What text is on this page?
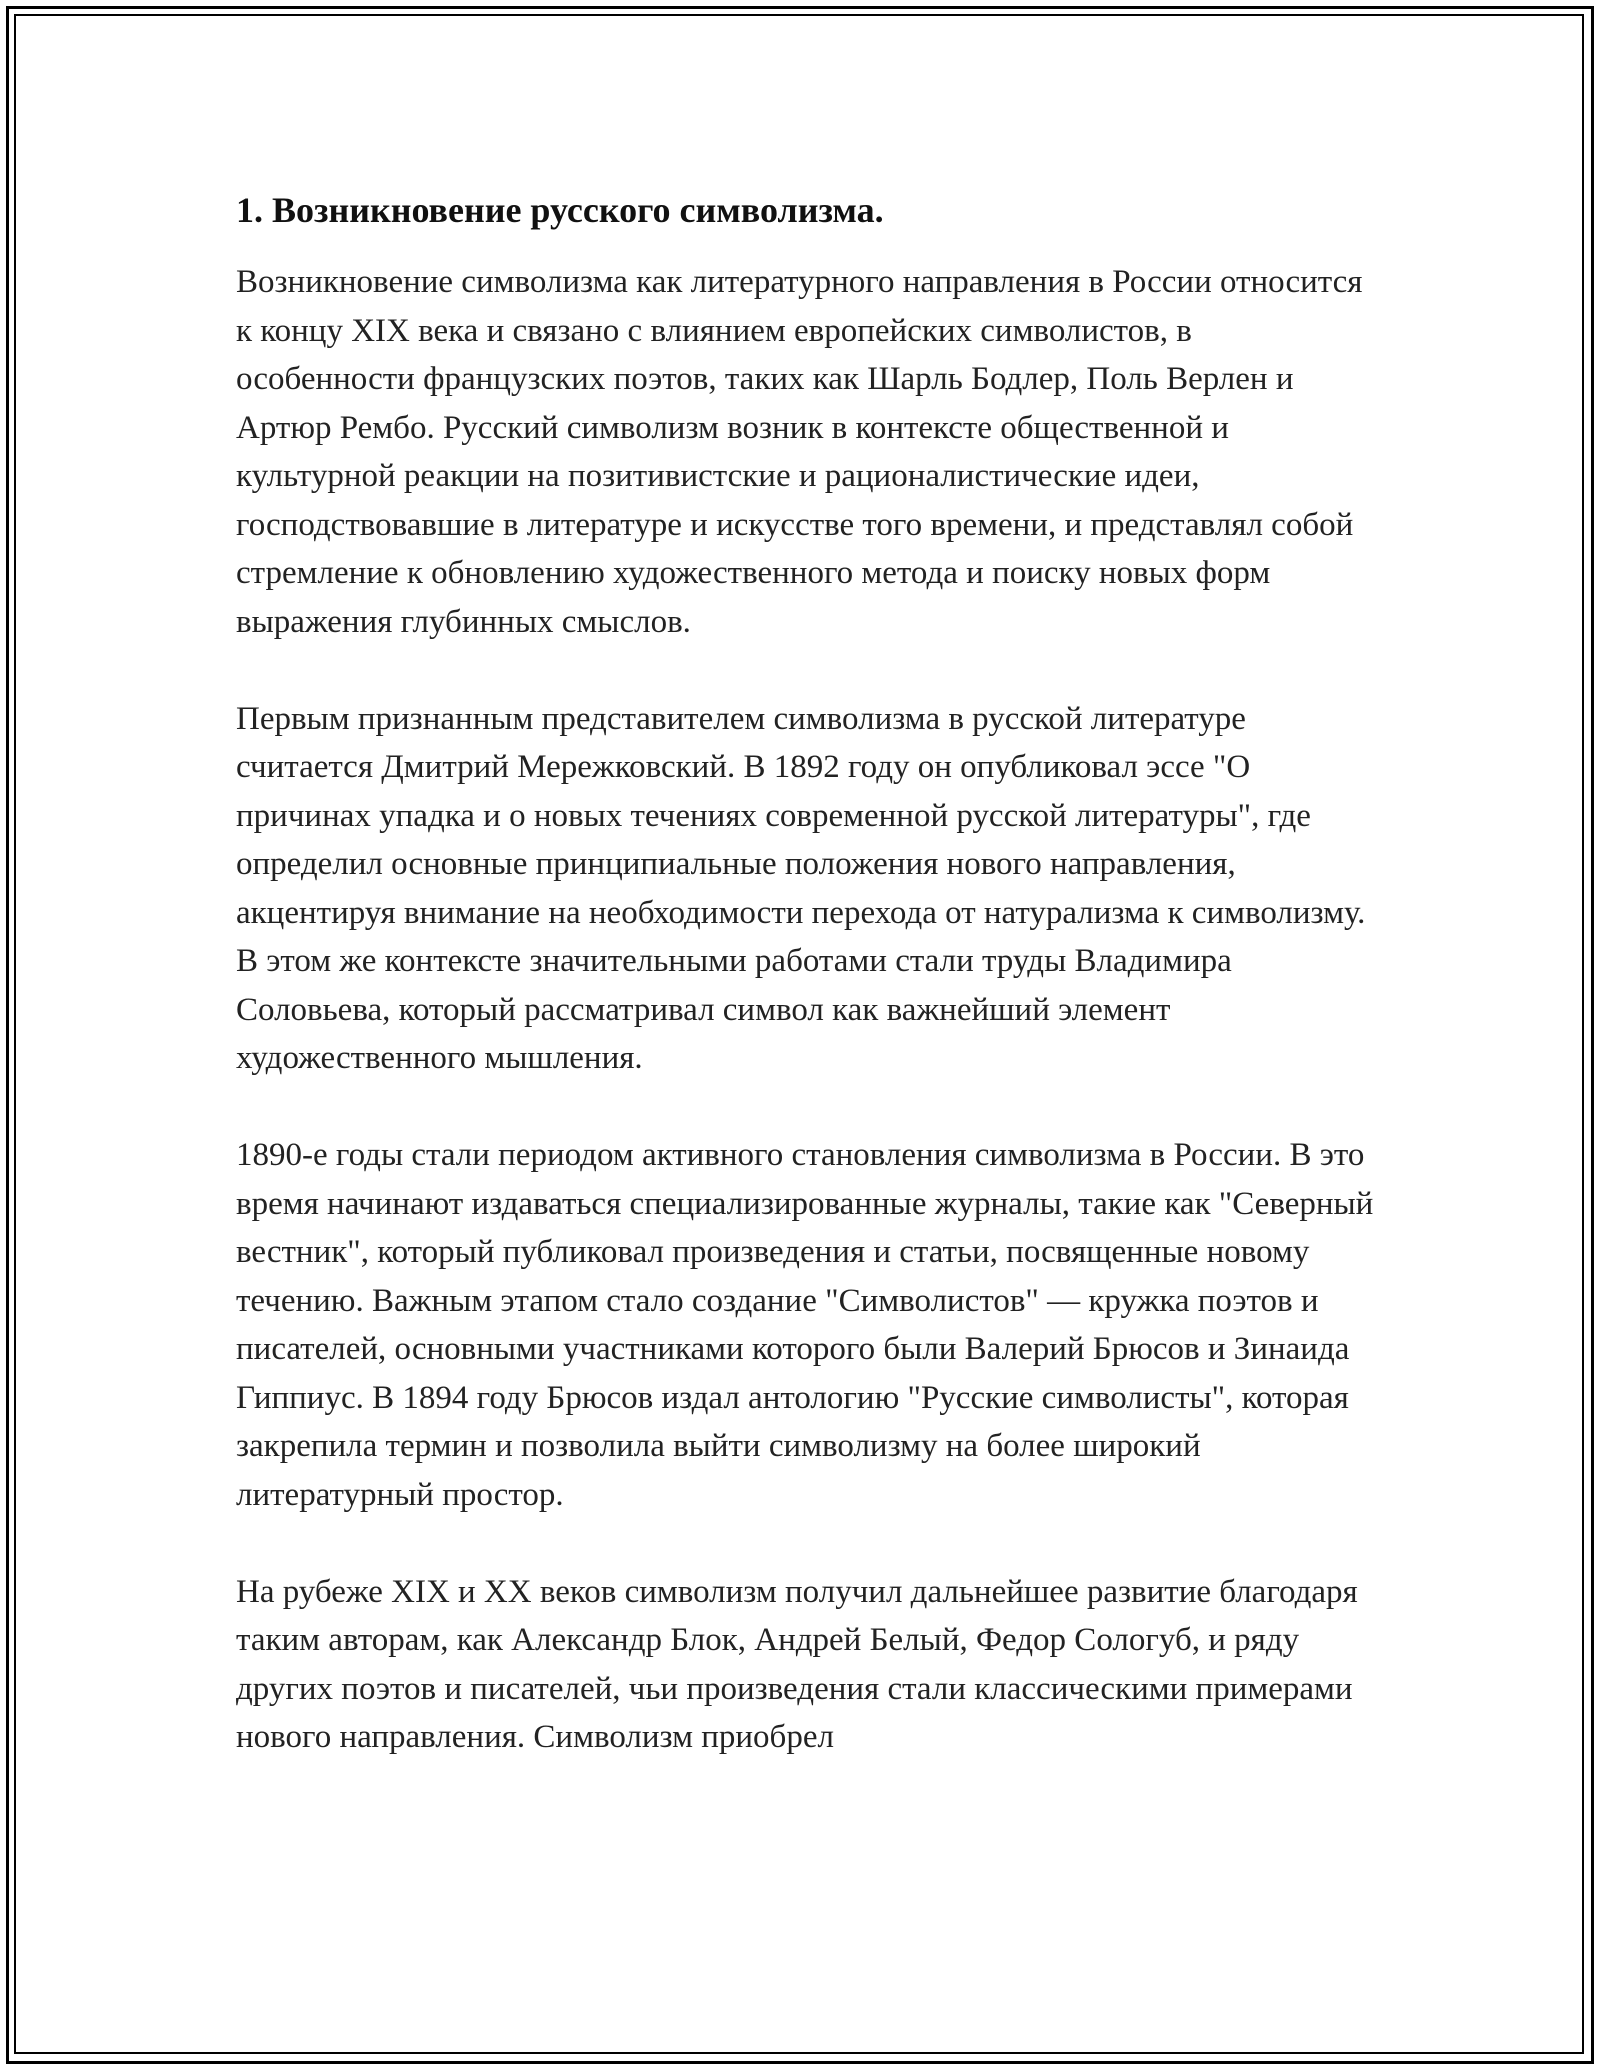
1. Возникновение русского символизма.

Возникновение символизма как литературного направления в России относится к концу XIX века и связано с влиянием европейских символистов, в особенности французских поэтов, таких как Шарль Бодлер, Поль Верлен и Артюр Рембо. Русский символизм возник в контексте общественной и культурной реакции на позитивистские и рационалистические идеи, господствовавшие в литературе и искусстве того времени, и представлял собой стремление к обновлению художественного метода и поиску новых форм выражения глубинных смыслов.

Первым признанным представителем символизма в русской литературе считается Дмитрий Мережковский. В 1892 году он опубликовал эссе "О причинах упадка и о новых течениях современной русской литературы", где определил основные принципиальные положения нового направления, акцентируя внимание на необходимости перехода от натурализма к символизму. В этом же контексте значительными работами стали труды Владимира Соловьева, который рассматривал символ как важнейший элемент художественного мышления.

1890-е годы стали периодом активного становления символизма в России. В это время начинают издаваться специализированные журналы, такие как "Северный вестник", который публиковал произведения и статьи, посвященные новому течению. Важным этапом стало создание "Символистов" — кружка поэтов и писателей, основными участниками которого были Валерий Брюсов и Зинаида Гиппиус. В 1894 году Брюсов издал антологию "Русские символисты", которая закрепила термин и позволила выйти символизму на более широкий литературный простор.

На рубеже XIX и XX веков символизм получил дальнейшее развитие благодаря таким авторам, как Александр Блок, Андрей Белый, Федор Сологуб, и ряду других поэтов и писателей, чьи произведения стали классическими примерами нового направления. Символизм приобрел
